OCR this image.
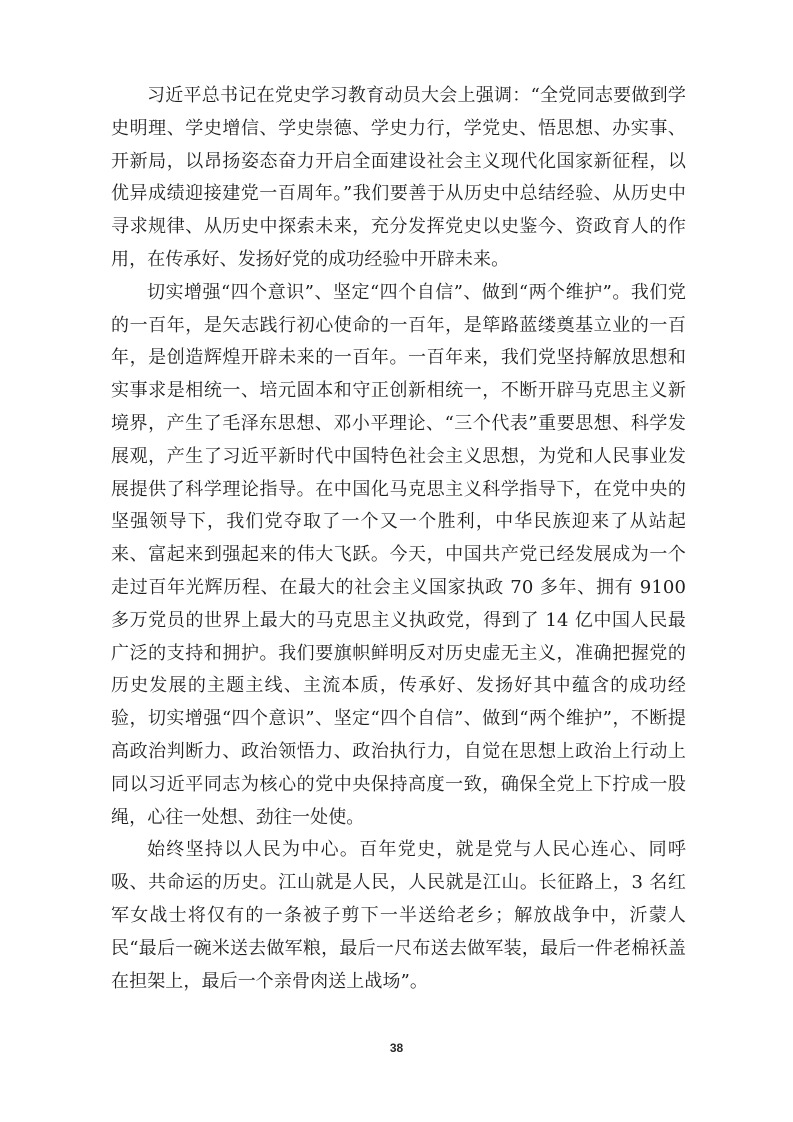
习近平总书记在党史学习教育动员大会上强调：“全党同志要做到学史明理、学史增信、学史崇德、学史力行，学党史、悟思想、办实事、开新局，以昂扬姿态奋力开启全面建设社会主义现代化国家新征程，以优异成绩迎接建党一百周年。”我们要善于从历史中总结经验、从历史中寻求规律、从历史中探索未来，充分发挥党史以史鉴今、资政育人的作用，在传承好、发扬好党的成功经验中开辟未来。

切实增强“四个意识”、坚定“四个自信”、做到“两个维护”。我们党的一百年，是矢志践行初心使命的一百年，是筚路蓝缕奠基立业的一百年，是创造辉煌开辟未来的一百年。一百年来，我们党坚持解放思想和实事求是相统一、培元固本和守正创新相统一，不断开辟马克思主义新境界，产生了毛泽东思想、邓小平理论、“三个代表”重要思想、科学发展观，产生了习近平新时代中国特色社会主义思想，为党和人民事业发展提供了科学理论指导。在中国化马克思主义科学指导下，在党中央的坚强领导下，我们党夺取了一个又一个胜利，中华民族迎来了从站起来、富起来到强起来的伟大飞跃。今天，中国共产党已经发展成为一个走过百年光辉历程、在最大的社会主义国家执政 70 多年、拥有 9100 多万党员的世界上最大的马克思主义执政党，得到了 14 亿中国人民最广泛的支持和拥护。我们要旗帜鲜明反对历史虚无主义，准确把握党的历史发展的主题主线、主流本质，传承好、发扬好其中蕴含的成功经验，切实增强“四个意识”、坚定“四个自信”、做到“两个维护”，不断提高政治判断力、政治领悟力、政治执行力，自觉在思想上政治上行动上同以习近平同志为核心的党中央保持高度一致，确保全党上下拧成一股绳，心往一处想、劲往一处使。

始终坚持以人民为中心。百年党史，就是党与人民心连心、同呼吸、共命运的历史。江山就是人民，人民就是江山。长征路上，3 名红军女战士将仅有的一条被子剪下一半送给老乡；解放战争中，沂蒙人民“最后一碗米送去做军粮，最后一尺布送去做军装，最后一件老棉袄盖在担架上，最后一个亲骨肉送上战场”。

38
